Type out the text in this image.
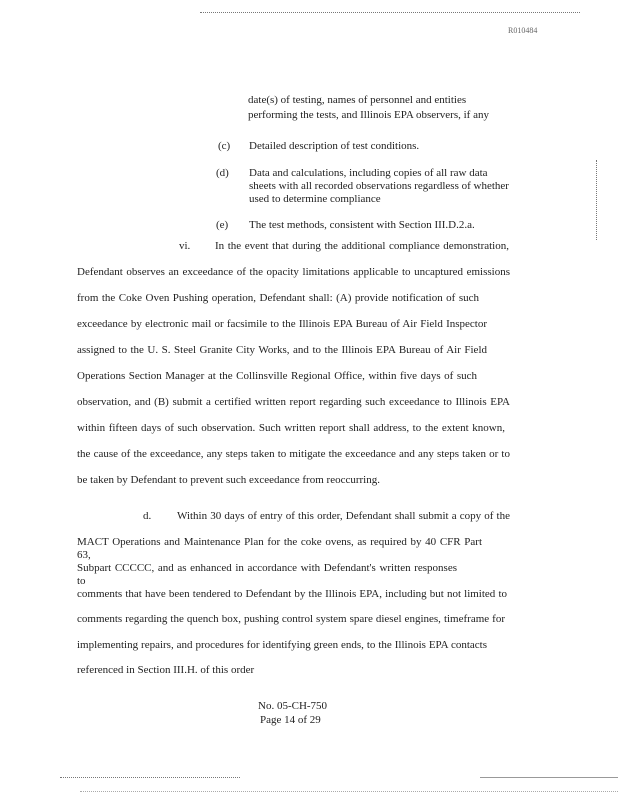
R010484
date(s) of testing, names of personnel and entities
performing the tests, and Illinois EPA observers, if any
(c) Detailed description of test conditions.
(d) Data and calculations, including copies of all raw data
sheets with all recorded observations regardless of whether
used to determine compliance
(e) The test methods, consistent with Section III.D.2.a.
vi. In the event that during the additional compliance demonstration,
Defendant observes an exceedance of the opacity limitations applicable to uncaptured emissions
from the Coke Oven Pushing operation, Defendant shall: (A) provide notification of such
exceedance by electronic mail or facsimile to the Illinois EPA Bureau of Air Field Inspector
assigned to the U. S. Steel Granite City Works, and to the Illinois EPA Bureau of Air Field
Operations Section Manager at the Collinsville Regional Office, within five days of such
observation, and (B) submit a certified written report regarding such exceedance to Illinois EPA
within fifteen days of such observation. Such written report shall address, to the extent known,
the cause of the exceedance, any steps taken to mitigate the exceedance and any steps taken or to
be taken by Defendant to prevent such exceedance from reoccurring.
d. Within 30 days of entry of this order, Defendant shall submit a copy of the
MACT Operations and Maintenance Plan for the coke ovens, as required by 40 CFR Part 63,
Subpart CCCCC, and as enhanced in accordance with Defendant's written responses to
comments that have been tendered to Defendant by the Illinois EPA, including but not limited to
comments regarding the quench box, pushing control system spare diesel engines, timeframe for
implementing repairs, and procedures for identifying green ends, to the Illinois EPA contacts
referenced in Section III.H. of this order
No. 05-CH-750
Page 14 of 29
